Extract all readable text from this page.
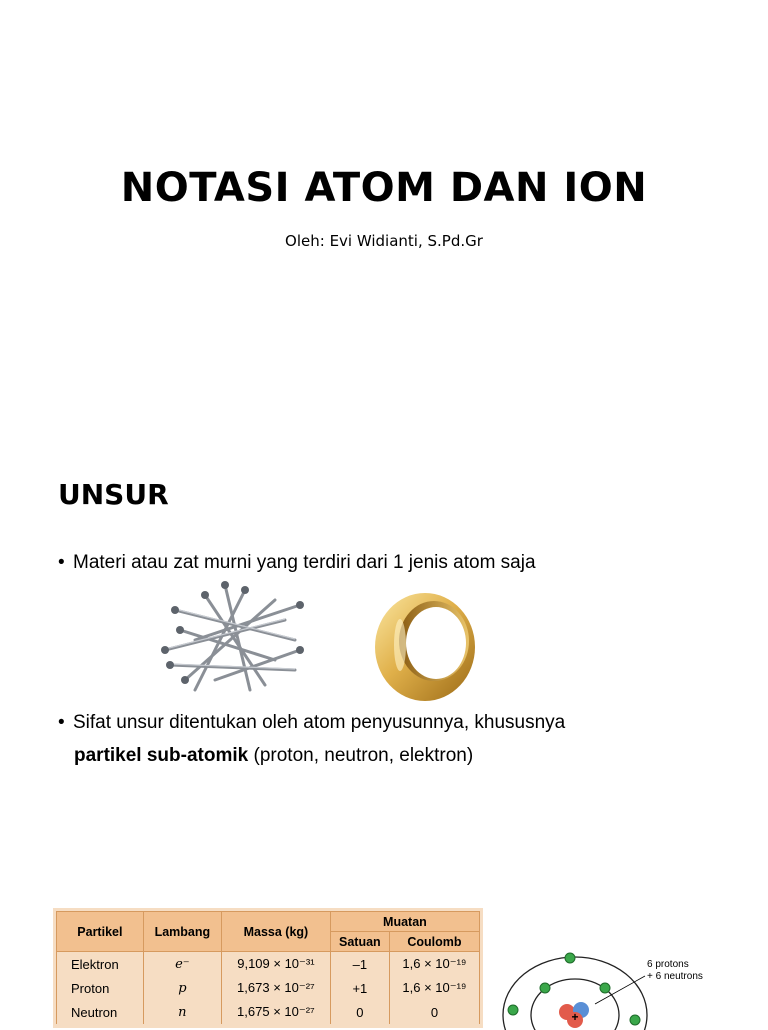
NOTASI ATOM DAN ION

Oleh: Evi Widianti, S.Pd.Gr

UNSUR
• Materi atau zat murni yang terdiri dari 1 jenis atom saja
• Sifat unsur ditentukan oleh atom penyusunnya, khususnya
partikel sub-atomik (proton, neutron, elektron)
Partikel	Lambang	Massa (kg)	Muatan	
			Satuan	Coulomb
Elektron	e⁻	9,109 × 10⁻³¹	–1	1,6 × 10⁻¹⁹
Proton	p	1,673 × 10⁻²⁷	+1	1,6 × 10⁻¹⁹
Neutron	n	1,675 × 10⁻²⁷	0	0	+
6 protons
+ 6 neutrons
